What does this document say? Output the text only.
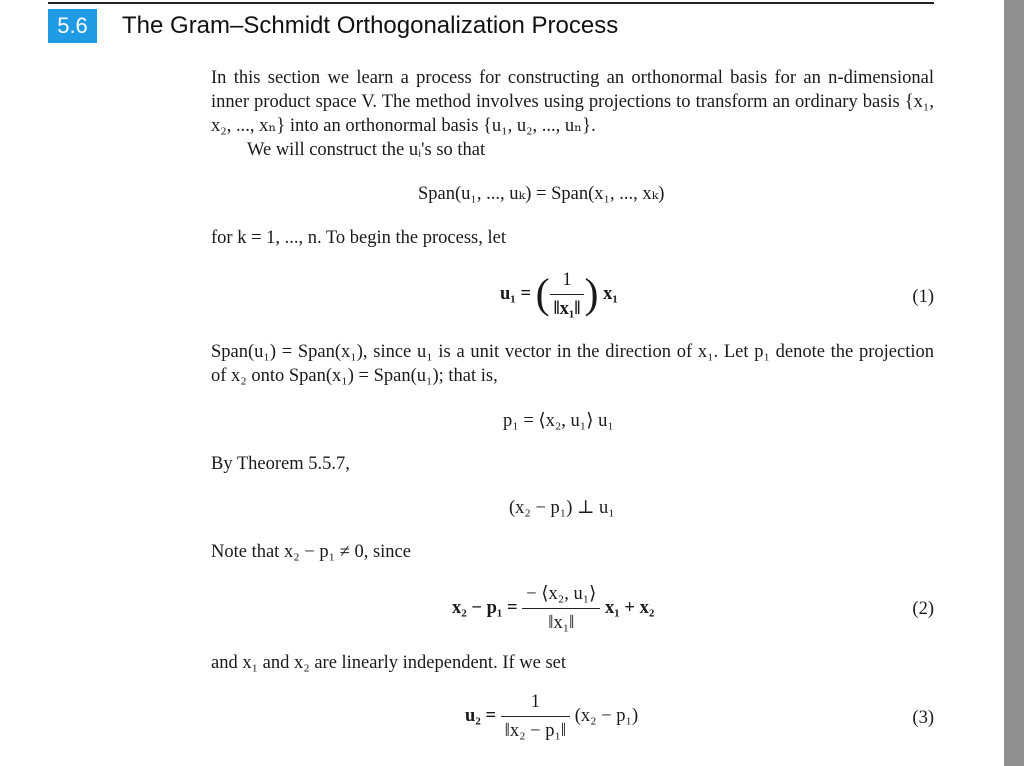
5.6	The Gram–Schmidt Orthogonalization Process
In this section we learn a process for constructing an orthonormal basis for an n-dimensional inner product space V. The method involves using projections to transform an ordinary basis {x₁, x₂, ..., xₙ} into an orthonormal basis {u₁, u₂, ..., uₙ}.
We will construct the uᵢ's so that
Span(u₁, ..., uₖ) = Span(x₁, ..., xₖ)
for k = 1, ..., n. To begin the process, let
u₁ = ( $\frac{1}{\text{‖x₁‖}}$ ) x₁	(1)
Span(u₁) = Span(x₁), since u₁ is a unit vector in the direction of x₁. Let p₁ denote the projection of x₂ onto Span(x₁) = Span(u₁); that is,
p₁ = ⟨x₂, u₁⟩ u₁
By Theorem 5.5.7,
(x₂ − p₁) ⊥ u₁
Note that x₂ − p₁ ≠ 0, since
$x_2 - p_1 = \frac{\text{− ⟨x₂, u₁⟩}}{\text{‖x₁‖}} x_1 + x_2$	(2)
and x₁ and x₂ are linearly independent. If we set
$u_2 = \frac{1}{\text{‖x₂ − p₁‖}} (x_2 - p_1)$	(3)
